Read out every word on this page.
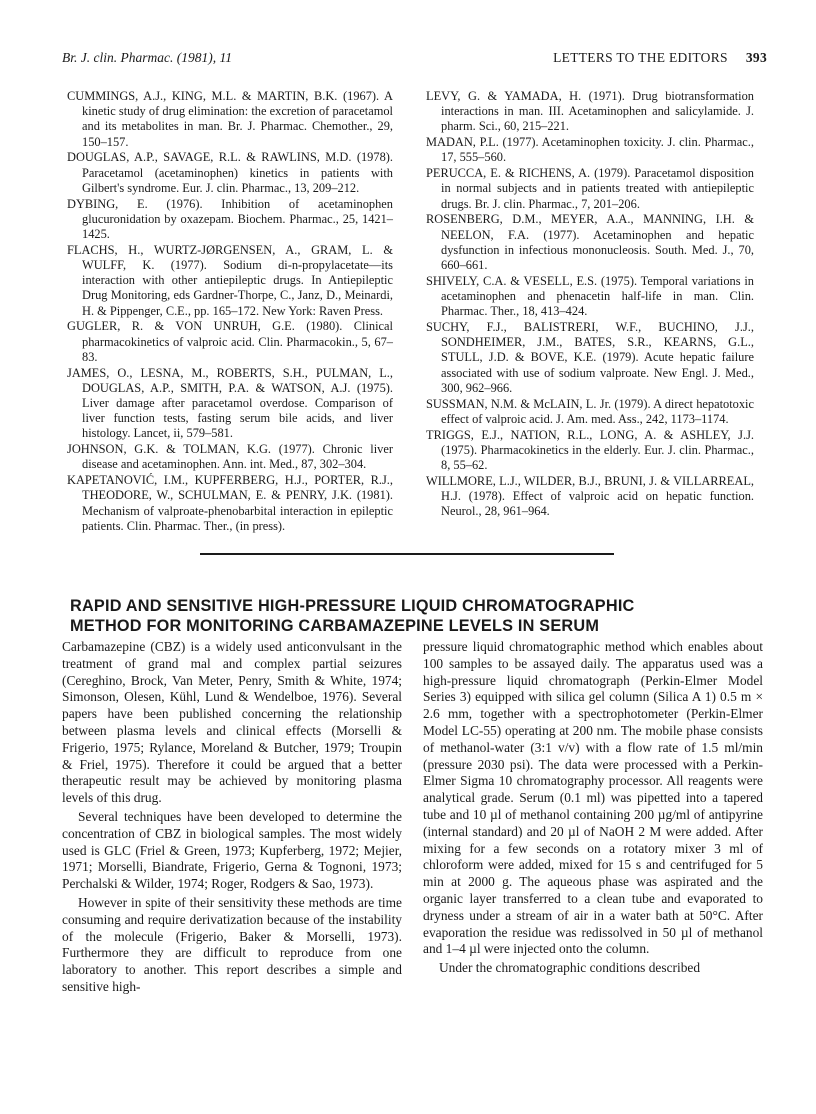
Br. J. clin. Pharmac. (1981), 11	LETTERS TO THE EDITORS 393

CUMMINGS, A.J., KING, M.L. & MARTIN, B.K. (1967). A kinetic study of drug elimination: the excretion of paracetamol and its metabolites in man. Br. J. Pharmac. Chemother., 29, 150–157.

DOUGLAS, A.P., SAVAGE, R.L. & RAWLINS, M.D. (1978). Paracetamol (acetaminophen) kinetics in patients with Gilbert's syndrome. Eur. J. clin. Pharmac., 13, 209–212.

DYBING, E. (1976). Inhibition of acetaminophen glucuronidation by oxazepam. Biochem. Pharmac., 25, 1421–1425.

FLACHS, H., WURTZ-JØRGENSEN, A., GRAM, L. & WULFF, K. (1977). Sodium di-n-propylacetate—its interaction with other antiepileptic drugs. In Antiepileptic Drug Monitoring, eds Gardner-Thorpe, C., Janz, D., Meinardi, H. & Pippenger, C.E., pp. 165–172. New York: Raven Press.

GUGLER, R. & VON UNRUH, G.E. (1980). Clinical pharmacokinetics of valproic acid. Clin. Pharmacokin., 5, 67–83.

JAMES, O., LESNA, M., ROBERTS, S.H., PULMAN, L., DOUGLAS, A.P., SMITH, P.A. & WATSON, A.J. (1975). Liver damage after paracetamol overdose. Comparison of liver function tests, fasting serum bile acids, and liver histology. Lancet, ii, 579–581.

JOHNSON, G.K. & TOLMAN, K.G. (1977). Chronic liver disease and acetaminophen. Ann. int. Med., 87, 302–304.

KAPETANOVIĆ, I.M., KUPFERBERG, H.J., PORTER, R.J., THEODORE, W., SCHULMAN, E. & PENRY, J.K. (1981). Mechanism of valproate-phenobarbital interaction in epileptic patients. Clin. Pharmac. Ther., (in press).

LEVY, G. & YAMADA, H. (1971). Drug biotransformation interactions in man. III. Acetaminophen and salicylamide. J. pharm. Sci., 60, 215–221.

MADAN, P.L. (1977). Acetaminophen toxicity. J. clin. Pharmac., 17, 555–560.

PERUCCA, E. & RICHENS, A. (1979). Paracetamol disposition in normal subjects and in patients treated with antiepileptic drugs. Br. J. clin. Pharmac., 7, 201–206.

ROSENBERG, D.M., MEYER, A.A., MANNING, I.H. & NEELON, F.A. (1977). Acetaminophen and hepatic dysfunction in infectious mononucleosis. South. Med. J., 70, 660–661.

SHIVELY, C.A. & VESELL, E.S. (1975). Temporal variations in acetaminophen and phenacetin half-life in man. Clin. Pharmac. Ther., 18, 413–424.

SUCHY, F.J., BALISTRERI, W.F., BUCHINO, J.J., SONDHEIMER, J.M., BATES, S.R., KEARNS, G.L., STULL, J.D. & BOVE, K.E. (1979). Acute hepatic failure associated with use of sodium valproate. New Engl. J. Med., 300, 962–966.

SUSSMAN, N.M. & McLAIN, L. Jr. (1979). A direct hepatotoxic effect of valproic acid. J. Am. med. Ass., 242, 1173–1174.

TRIGGS, E.J., NATION, R.L., LONG, A. & ASHLEY, J.J. (1975). Pharmacokinetics in the elderly. Eur. J. clin. Pharmac., 8, 55–62.

WILLMORE, L.J., WILDER, B.J., BRUNI, J. & VILLARREAL, H.J. (1978). Effect of valproic acid on hepatic function. Neurol., 28, 961–964.

RAPID AND SENSITIVE HIGH-PRESSURE LIQUID CHROMATOGRAPHIC
METHOD FOR MONITORING CARBAMAZEPINE LEVELS IN SERUM

Carbamazepine (CBZ) is a widely used anticonvulsant in the treatment of grand mal and complex partial seizures (Cereghino, Brock, Van Meter, Penry, Smith & White, 1974; Simonson, Olesen, Kühl, Lund & Wendelboe, 1976). Several papers have been published concerning the relationship between plasma levels and clinical effects (Morselli & Frigerio, 1975; Rylance, Moreland & Butcher, 1979; Troupin & Friel, 1975). Therefore it could be argued that a better therapeutic result may be achieved by monitoring plasma levels of this drug.

Several techniques have been developed to determine the concentration of CBZ in biological samples. The most widely used is GLC (Friel & Green, 1973; Kupferberg, 1972; Mejier, 1971; Morselli, Biandrate, Frigerio, Gerna & Tognoni, 1973; Perchalski & Wilder, 1974; Roger, Rodgers & Sao, 1973).

However in spite of their sensitivity these methods are time consuming and require derivatization because of the instability of the molecule (Frigerio, Baker & Morselli, 1973). Furthermore they are difficult to reproduce from one laboratory to another. This report describes a simple and sensitive high-

pressure liquid chromatographic method which enables about 100 samples to be assayed daily. The apparatus used was a high-pressure liquid chromatograph (Perkin-Elmer Model Series 3) equipped with silica gel column (Silica A 1) 0.5 m × 2.6 mm, together with a spectrophotometer (Perkin-Elmer Model LC-55) operating at 200 nm. The mobile phase consists of methanol-water (3:1 v/v) with a flow rate of 1.5 ml/min (pressure 2030 psi). The data were processed with a Perkin-Elmer Sigma 10 chromatography processor. All reagents were analytical grade. Serum (0.1 ml) was pipetted into a tapered tube and 10 µl of methanol containing 200 µg/ml of antipyrine (internal standard) and 20 µl of NaOH 2 M were added. After mixing for a few seconds on a rotatory mixer 3 ml of chloroform were added, mixed for 15 s and centrifuged for 5 min at 2000 g. The aqueous phase was aspirated and the organic layer transferred to a clean tube and evaporated to dryness under a stream of air in a water bath at 50°C. After evaporation the residue was redissolved in 50 µl of methanol and 1–4 µl were injected onto the column.

Under the chromatographic conditions described
